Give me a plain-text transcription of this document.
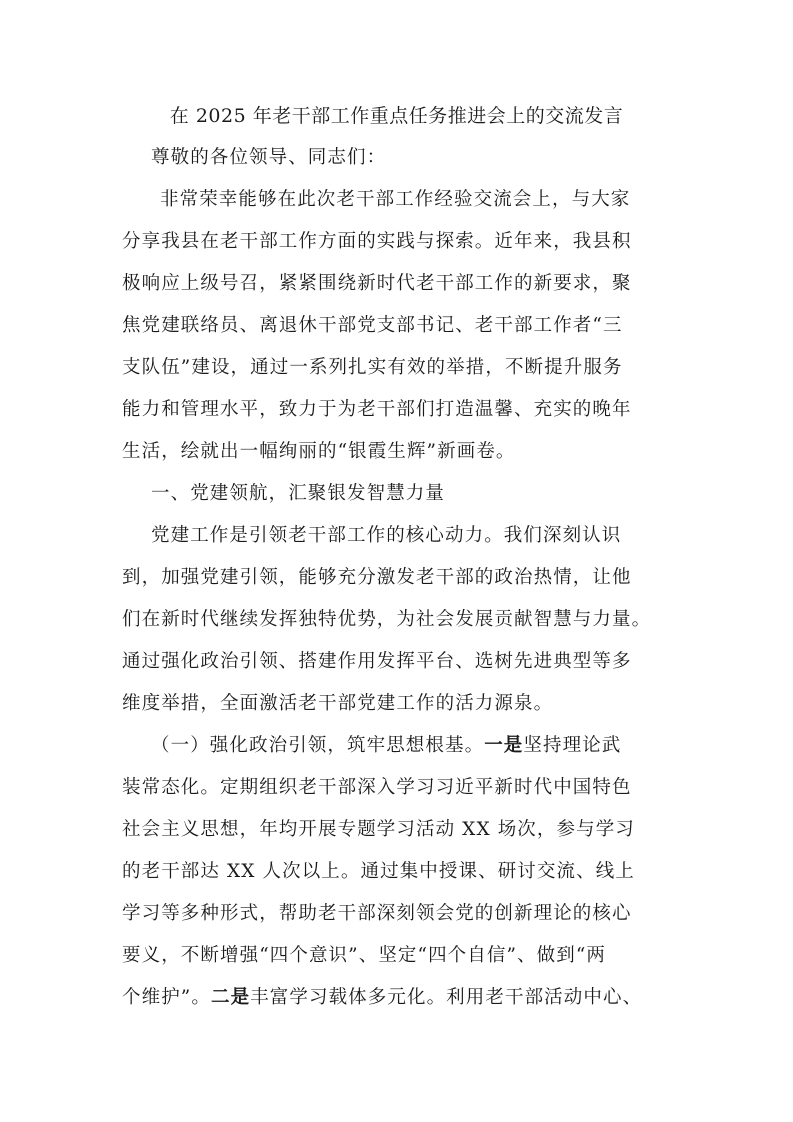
在 2025 年老干部工作重点任务推进会上的交流发言
尊敬的各位领导、同志们：
非常荣幸能够在此次老干部工作经验交流会上，与大家
分享我县在老干部工作方面的实践与探索。近年来，我县积
极响应上级号召，紧紧围绕新时代老干部工作的新要求，聚
焦党建联络员、离退休干部党支部书记、老干部工作者“三
支队伍”建设，通过一系列扎实有效的举措，不断提升服务
能力和管理水平，致力于为老干部们打造温馨、充实的晚年
生活，绘就出一幅绚丽的“银霞生辉”新画卷。
一、党建领航，汇聚银发智慧力量
党建工作是引领老干部工作的核心动力。我们深刻认识
到，加强党建引领，能够充分激发老干部的政治热情，让他
们在新时代继续发挥独特优势，为社会发展贡献智慧与力量。
通过强化政治引领、搭建作用发挥平台、选树先进典型等多
维度举措，全面激活老干部党建工作的活力源泉。
（一）强化政治引领，筑牢思想根基。一是坚持理论武
装常态化。定期组织老干部深入学习习近平新时代中国特色
社会主义思想，年均开展专题学习活动 XX 场次，参与学习
的老干部达 XX 人次以上。通过集中授课、研讨交流、线上
学习等多种形式，帮助老干部深刻领会党的创新理论的核心
要义，不断增强“四个意识”、坚定“四个自信”、做到“两
个维护”。二是丰富学习载体多元化。利用老干部活动中心、
